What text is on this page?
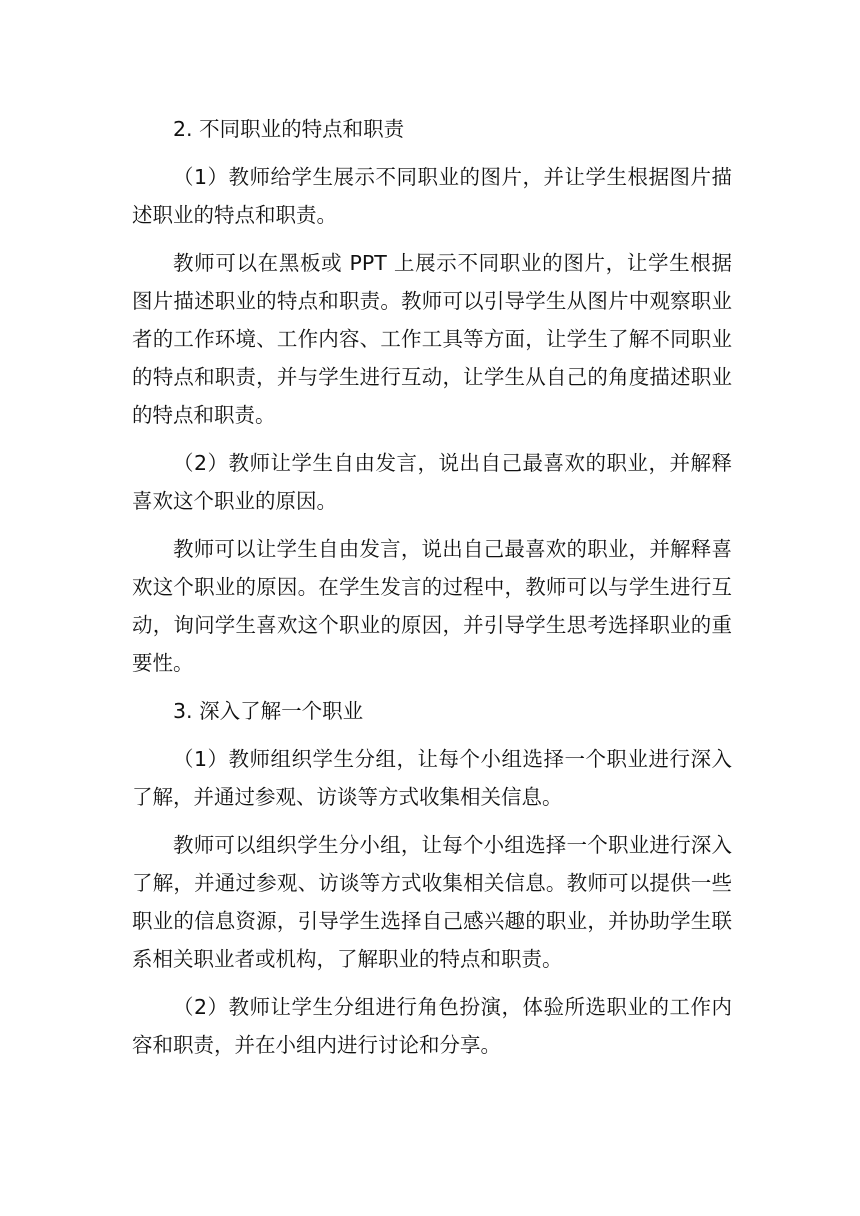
2. 不同职业的特点和职责

（1）教师给学生展示不同职业的图片，并让学生根据图片描述职业的特点和职责。

教师可以在黑板或 PPT 上展示不同职业的图片，让学生根据图片描述职业的特点和职责。教师可以引导学生从图片中观察职业者的工作环境、工作内容、工作工具等方面，让学生了解不同职业的特点和职责，并与学生进行互动，让学生从自己的角度描述职业的特点和职责。

（2）教师让学生自由发言，说出自己最喜欢的职业，并解释喜欢这个职业的原因。

教师可以让学生自由发言，说出自己最喜欢的职业，并解释喜欢这个职业的原因。在学生发言的过程中，教师可以与学生进行互动，询问学生喜欢这个职业的原因，并引导学生思考选择职业的重要性。

3. 深入了解一个职业

（1）教师组织学生分组，让每个小组选择一个职业进行深入了解，并通过参观、访谈等方式收集相关信息。

教师可以组织学生分小组，让每个小组选择一个职业进行深入了解，并通过参观、访谈等方式收集相关信息。教师可以提供一些职业的信息资源，引导学生选择自己感兴趣的职业，并协助学生联系相关职业者或机构，了解职业的特点和职责。

（2）教师让学生分组进行角色扮演，体验所选职业的工作内容和职责，并在小组内进行讨论和分享。
